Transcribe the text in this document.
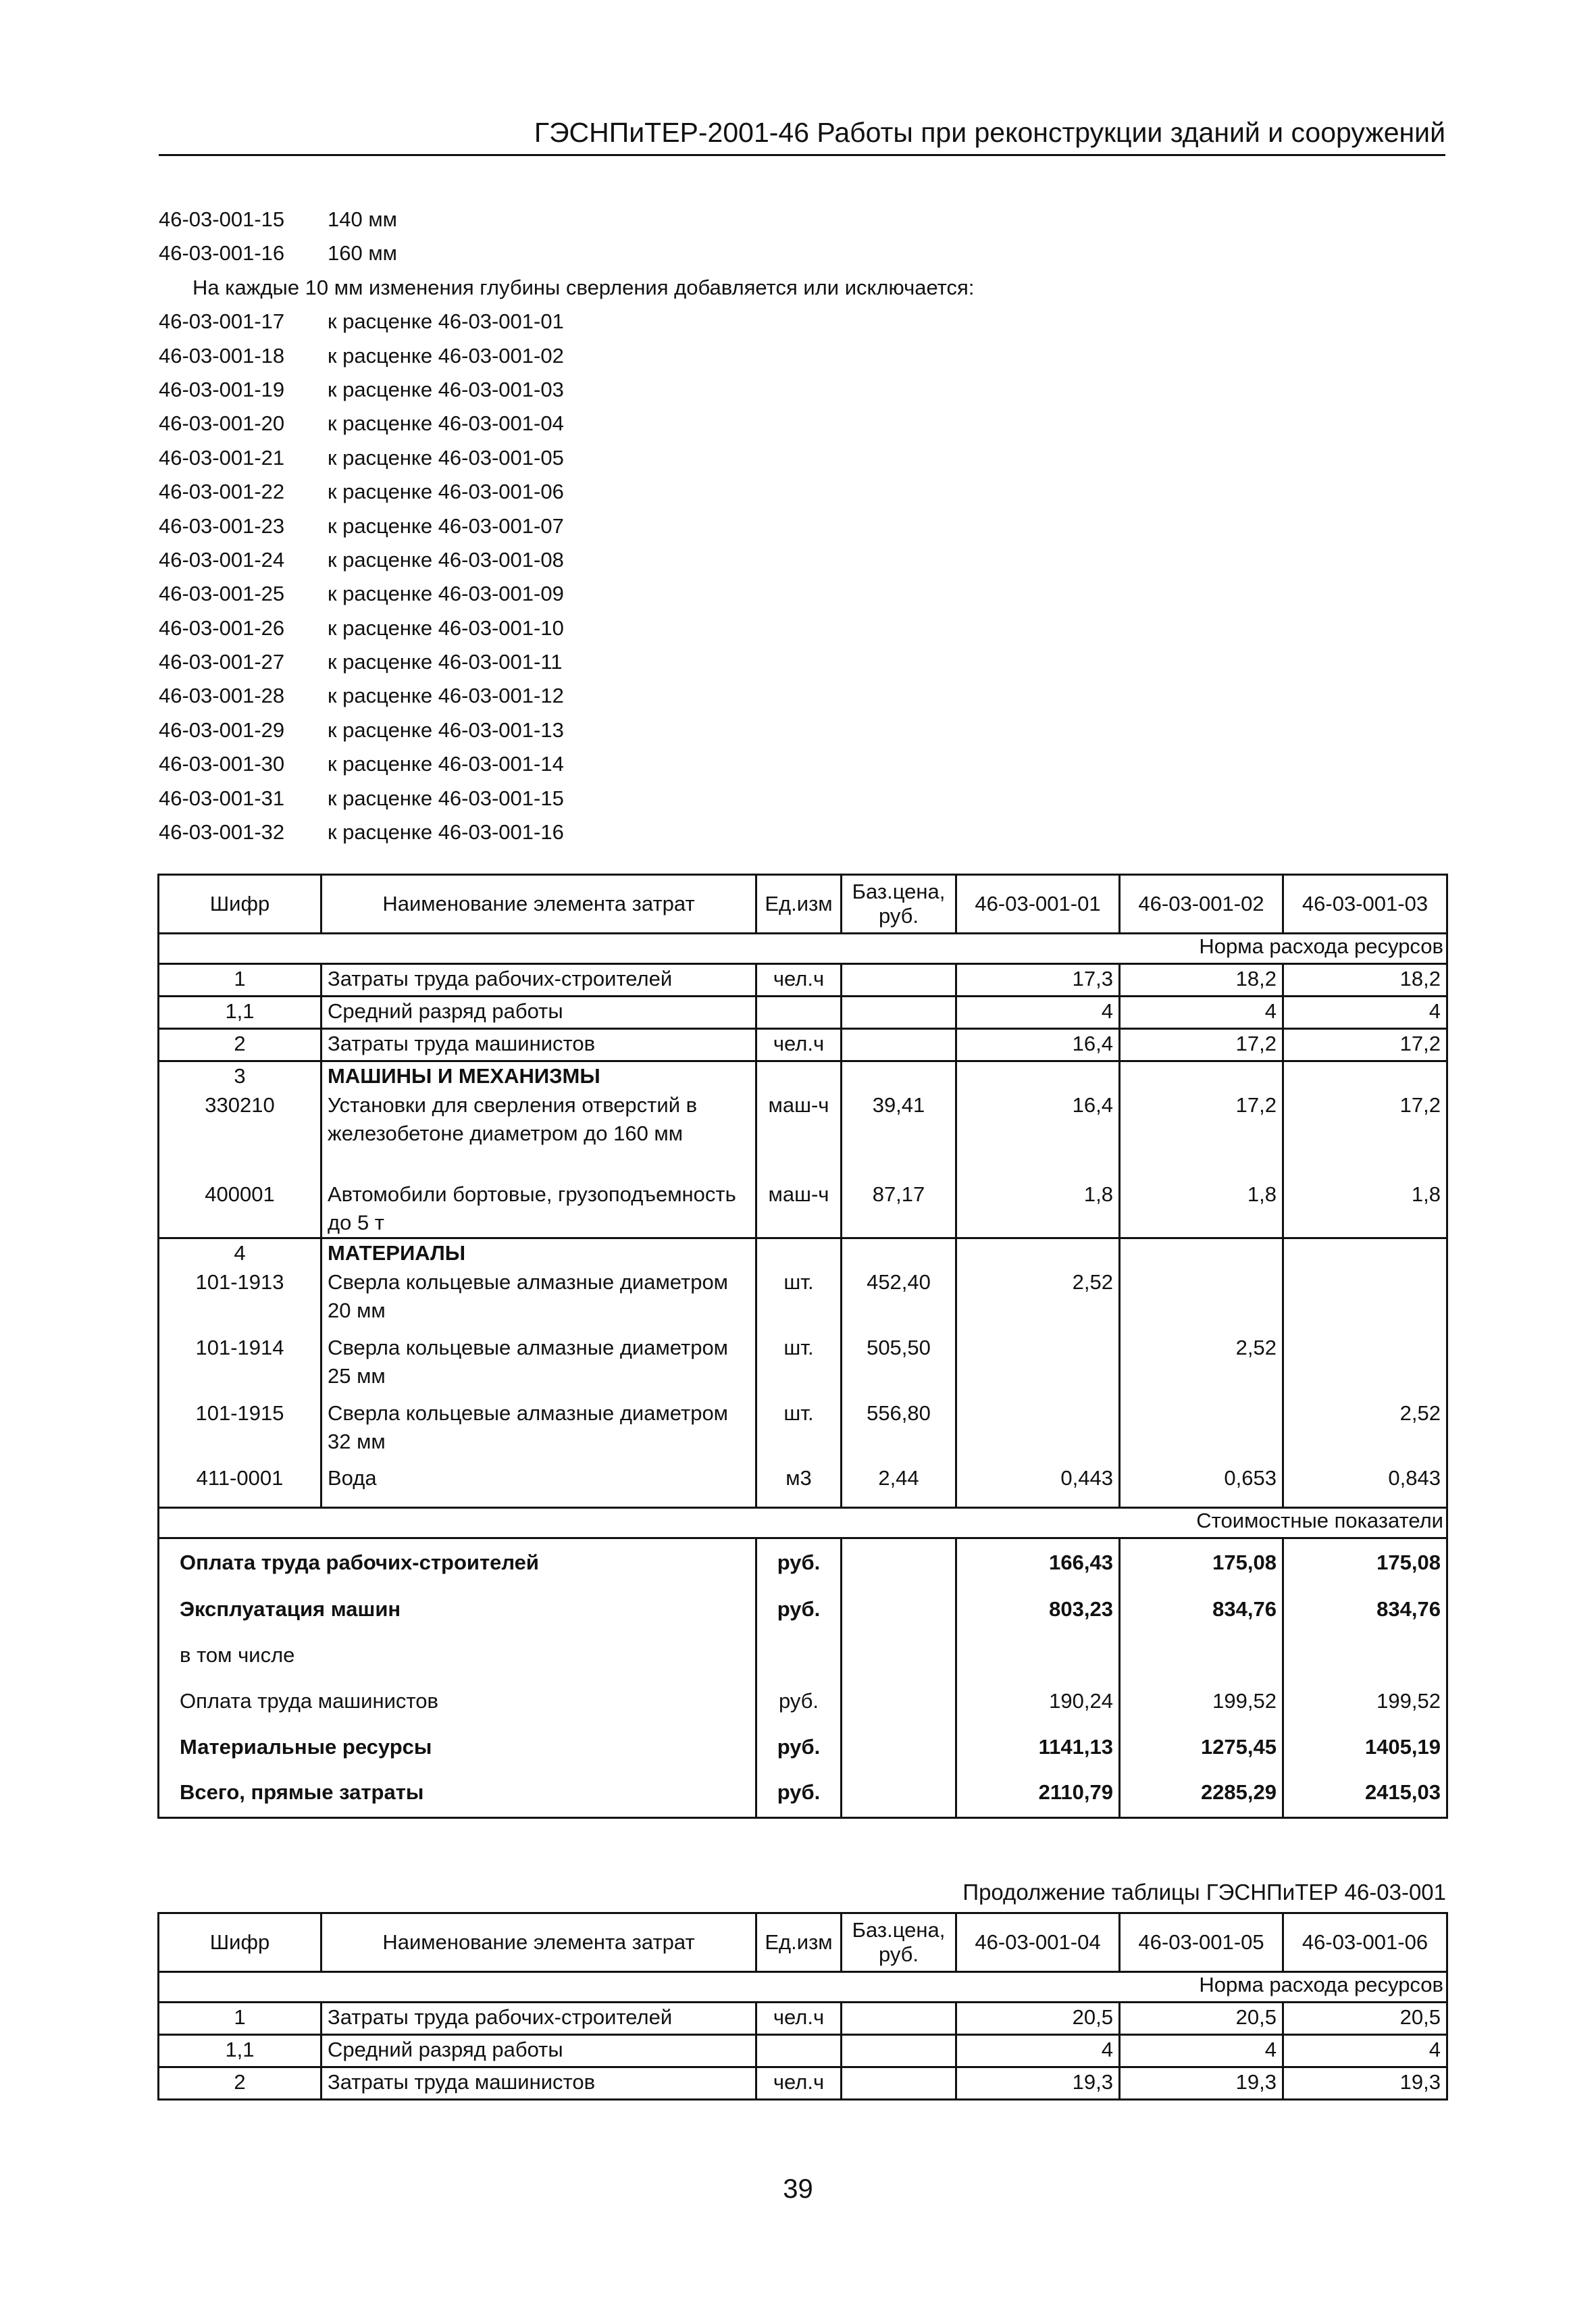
ГЭСНПиТЕР-2001-46 Работы при реконструкции зданий и сооружений
46-03-001-15 140 мм
46-03-001-16 160 мм
На каждые 10 мм изменения глубины сверления добавляется или исключается:
46-03-001-17 к расценке 46-03-001-01
46-03-001-18 к расценке 46-03-001-02
46-03-001-19 к расценке 46-03-001-03
46-03-001-20 к расценке 46-03-001-04
46-03-001-21 к расценке 46-03-001-05
46-03-001-22 к расценке 46-03-001-06
46-03-001-23 к расценке 46-03-001-07
46-03-001-24 к расценке 46-03-001-08
46-03-001-25 к расценке 46-03-001-09
46-03-001-26 к расценке 46-03-001-10
46-03-001-27 к расценке 46-03-001-11
46-03-001-28 к расценке 46-03-001-12
46-03-001-29 к расценке 46-03-001-13
46-03-001-30 к расценке 46-03-001-14
46-03-001-31 к расценке 46-03-001-15
46-03-001-32 к расценке 46-03-001-16
Шифр	Наименование элемента затрат	Ед.изм	Баз.цена, руб.	46-03-001-01	46-03-001-02	46-03-001-03
Норма расхода ресурсов						
1	Затраты труда рабочих-строителей	чел.ч		17,3	18,2	18,2
1,1	Средний разряд работы			4	4	4
2	Затраты труда машинистов	чел.ч		16,4	17,2	17,2
3	МАШИНЫ И МЕХАНИЗМЫ					
330210	Установки для сверления отверстий в железобетоне диаметром до 160 мм	маш-ч	39,41	16,4	17,2	17,2
400001	Автомобили бортовые, грузоподъемность до 5 т	маш-ч	87,17	1,8	1,8	1,8
4	МАТЕРИАЛЫ					
101-1913	Сверла кольцевые алмазные диаметром 20 мм	шт.	452,40	2,52		
101-1914	Сверла кольцевые алмазные диаметром 25 мм	шт.	505,50		2,52	
101-1915	Сверла кольцевые алмазные диаметром 32 мм	шт.	556,80			2,52
411-0001	Вода	м3	2,44	0,443	0,653	0,843
Стоимостные показатели						
Оплата труда рабочих-строителей		руб.		166,43	175,08	175,08
Эксплуатация машин		руб.		803,23	834,76	834,76
в том числе						
Оплата труда машинистов		руб.		190,24	199,52	199,52
Материальные ресурсы		руб.		1141,13	1275,45	1405,19
Всего, прямые затраты		руб.		2110,79	2285,29	2415,03
Продолжение таблицы ГЭСНПиТЕР 46-03-001
Шифр	Наименование элемента затрат	Ед.изм	Баз.цена, руб.	46-03-001-04	46-03-001-05	46-03-001-06
Норма расхода ресурсов						
1	Затраты труда рабочих-строителей	чел.ч		20,5	20,5	20,5
1,1	Средний разряд работы			4	4	4
2	Затраты труда машинистов	чел.ч		19,3	19,3	19,3
39
